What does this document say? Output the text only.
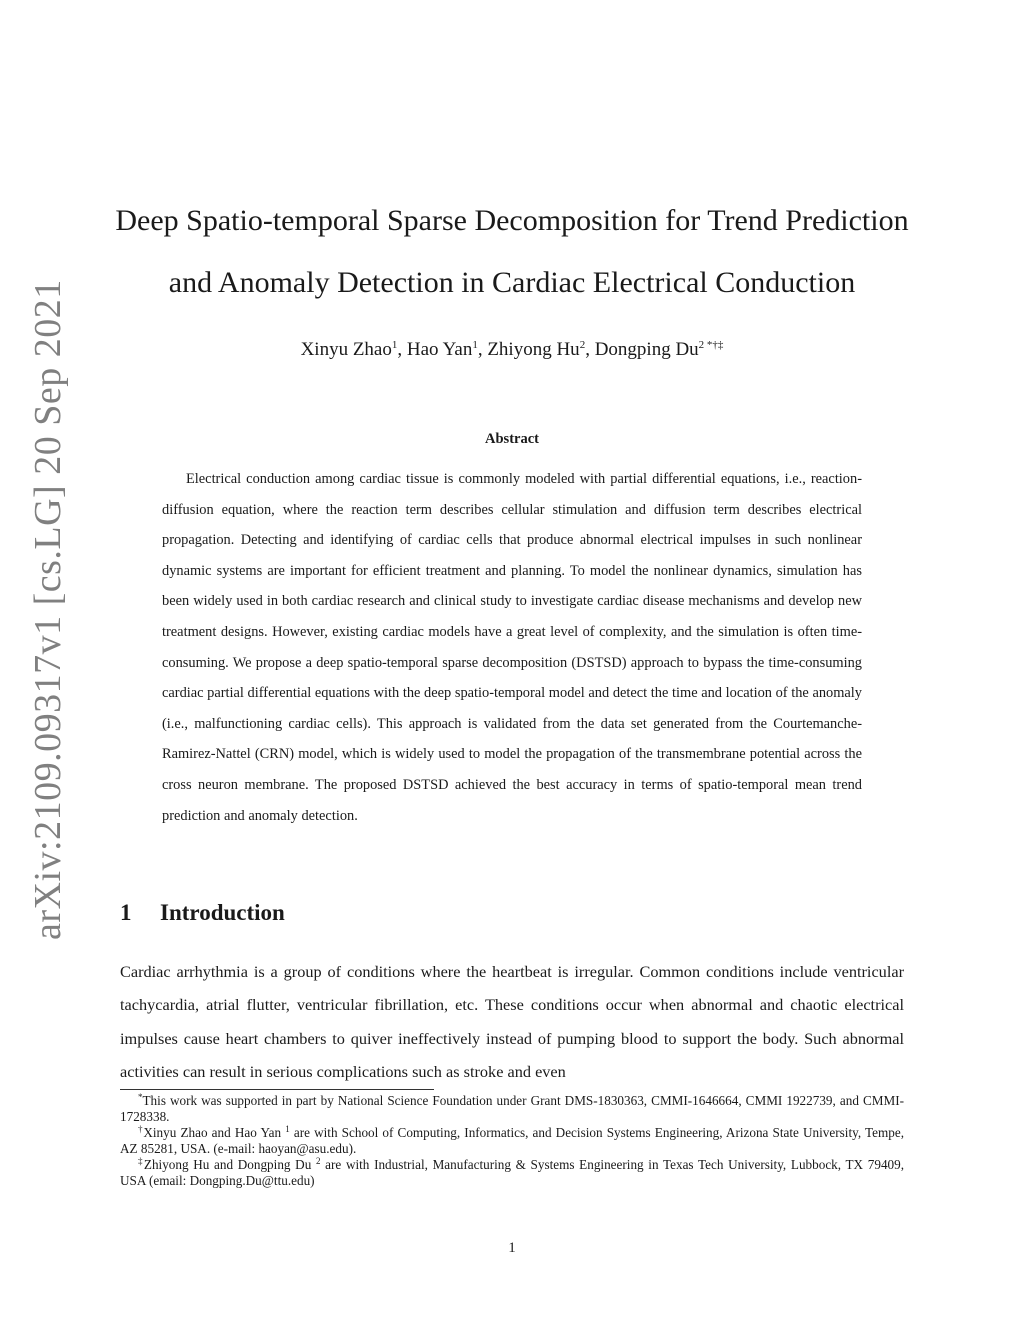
arXiv:2109.09317v1 [cs.LG] 20 Sep 2021
Deep Spatio-temporal Sparse Decomposition for Trend Prediction
and Anomaly Detection in Cardiac Electrical Conduction
Xinyu Zhao$^1$, Hao Yan$^1$, Zhiyong Hu$^2$, Dongping $Du^{2 *\dagger\ddagger}$
Abstract
Electrical conduction among cardiac tissue is commonly modeled with partial differential equations, i.e., reaction-diffusion equation, where the reaction term describes cellular stimulation and diffusion term describes electrical propagation. Detecting and identifying of cardiac cells that produce abnormal electrical impulses in such nonlinear dynamic systems are important for efficient treatment and planning. To model the nonlinear dynamics, simulation has been widely used in both cardiac research and clinical study to investigate cardiac disease mechanisms and develop new treatment designs. However, existing cardiac models have a great level of complexity, and the simulation is often time-consuming. We propose a deep spatio-temporal sparse decomposition (DSTSD) approach to bypass the time-consuming cardiac partial differential equations with the deep spatio-temporal model and detect the time and location of the anomaly (i.e., malfunctioning cardiac cells). This approach is validated from the data set generated from the Courtemanche-Ramirez-Nattel (CRN) model, which is widely used to model the propagation of the transmembrane potential across the cross neuron membrane. The proposed DSTSD achieved the best accuracy in terms of spatio-temporal mean trend prediction and anomaly detection.
1 Introduction
Cardiac arrhythmia is a group of conditions where the heartbeat is irregular. Common conditions include ventricular tachycardia, atrial flutter, ventricular fibrillation, etc. These conditions occur when abnormal and chaotic electrical impulses cause heart chambers to quiver ineffectively instead of pumping blood to support the body. Such abnormal activities can result in serious complications such as stroke and even

*This work was supported in part by National Science Foundation under Grant DMS-1830363, CMMI-1646664, CMMI 1922739, and CMMI-1728338.

†Xinyu Zhao and Hao Yan $^1$ are with School of Computing, Informatics, and Decision Systems Engineering, Arizona State University, Tempe, AZ 85281, USA. (e-mail: haoyan@asu.edu).

‡Zhiyong Hu and Dongping Du $^2$ are with Industrial, Manufacturing & Systems Engineering in Texas Tech University, Lubbock, TX 79409, USA (email: Dongping.Du@ttu.edu)

1
